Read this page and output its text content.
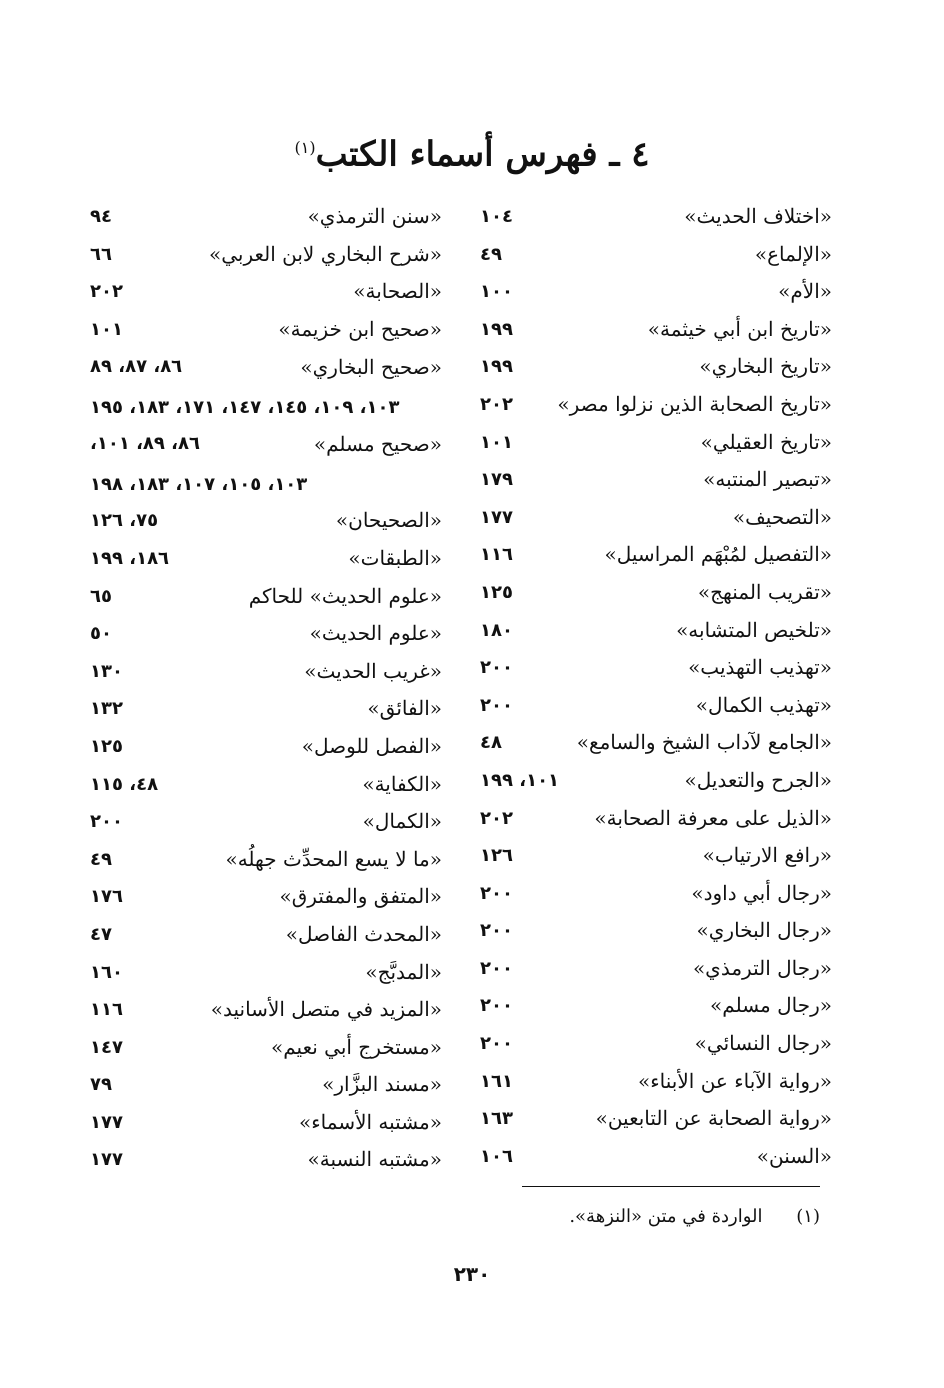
٤ ـ فهرس أسماء الكتب$^{(١)}$
«اختلاف الحديث»
١٠٤
«الإلماع»
٤٩
«الأم»
١٠٠
«تاريخ ابن أبي خيثمة»
١٩٩
«تاريخ البخاري»
١٩٩
«تاريخ الصحابة الذين نزلوا مصر»
٢٠٢
«تاريخ العقيلي»
١٠١
«تبصير المنتبه»
١٧٩
«التصحيف»
١٧٧
«التفصيل لمُبْهَم المراسيل»
١١٦
«تقريب المنهج»
١٢٥
«تلخيص المتشابه»
١٨٠
«تهذيب التهذيب»
٢٠٠
«تهذيب الكمال»
٢٠٠
«الجامع لآداب الشيخ والسامع»
٤٨
«الجرح والتعديل»
١٠١، ١٩٩
«الذيل على معرفة الصحابة»
٢٠٢
«رافع الارتياب»
١٢٦
«رجال أبي داود»
٢٠٠
«رجال البخاري»
٢٠٠
«رجال الترمذي»
٢٠٠
«رجال مسلم»
٢٠٠
«رجال النسائي»
٢٠٠
«رواية الآباء عن الأبناء»
١٦١
«رواية الصحابة عن التابعين»
١٦٣
«السنن»
١٠٦
«سنن الترمذي»
٩٤
«شرح البخاري لابن العربي»
٦٦
«الصحابة»
٢٠٢
«صحيح ابن خزيمة»
١٠١
«صحيح البخاري»
٨٦، ٨٧، ٨٩
١٠٣، ١٠٩، ١٤٥، ١٤٧، ١٧١، ١٨٣، ١٩٥
«صحيح مسلم»
٨٦، ٨٩، ١٠١،
١٠٣، ١٠٥، ١٠٧، ١٨٣، ١٩٨
«الصحيحان»
٧٥، ١٢٦
«الطبقات»
١٨٦، ١٩٩
«علوم الحديث» للحاكم
٦٥
«علوم الحديث»
٥٠
«غريب الحديث»
١٣٠
«الفائق»
١٣٢
«الفصل للوصل»
١٢٥
«الكفاية»
٤٨، ١١٥
«الكمال»
٢٠٠
«ما لا يسع المحدِّث جهلُه»
٤٩
«المتفق والمفترق»
١٧٦
«المحدث الفاصل»
٤٧
«المدبَّج»
١٦٠
«المزيد في متصل الأسانيد»
١١٦
«مستخرج أبي نعيم»
١٤٧
«مسند البزَّار»
٧٩
«مشتبه الأسماء»
١٧٧
«مشتبه النسبة»
١٧٧
(١) الواردة في متن «النزهة».
٢٣٠
